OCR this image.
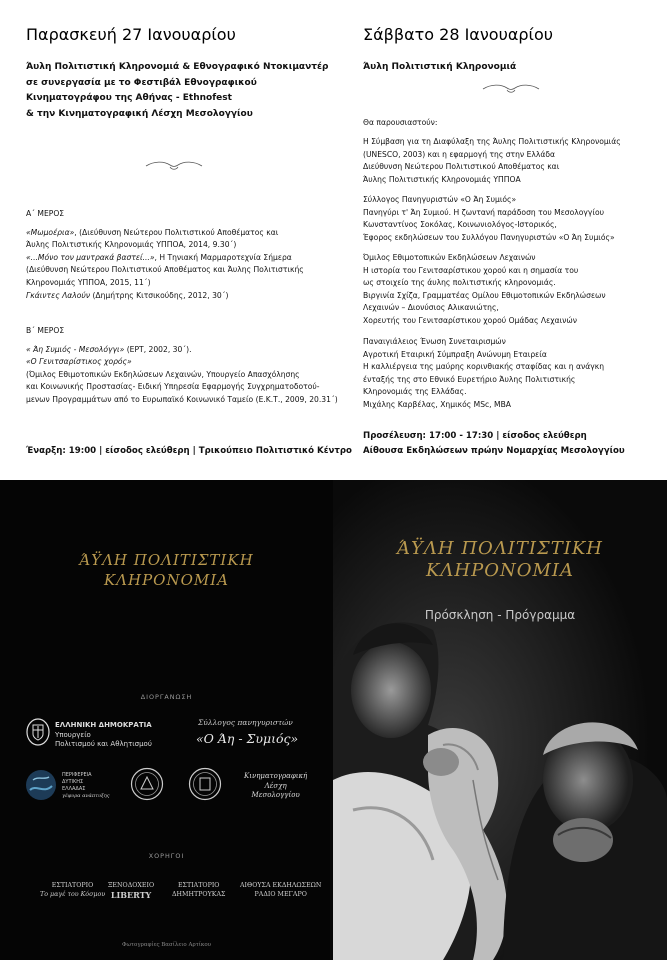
Παρασκευή 27 Ιανουαρίου
Άυλη Πολιτιστική Κληρονομιά & Εθνογραφικό Ντοκιμαντέρ
σε συνεργασία με το Φεστιβάλ Εθνογραφικού
Κινηματογράφου της Αθήνας - Ethnofest
& την Κινηματογραφική Λέσχη Μεσολογγίου
Α΄ ΜΕΡΟΣ
«Μωμοέρια», (Διεύθυνση Νεώτερου Πολιτιστικού Αποθέματος και
Άυλης Πολιτιστικής Κληρονομιάς ΥΠΠΟΑ, 2014, 9.30΄)
«...Μόνο τον μαντρακά βαστεί...», Η Τηνιακή Μαρμαροτεχνία Σήμερα
(Διεύθυνση Νεώτερου Πολιτιστικού Αποθέματος και Άυλης Πολιτιστικής
Κληρονομιάς ΥΠΠΟΑ, 2015, 11΄)
Γκάιντες Λαλούν (Δημήτρης Κιτσικούδης, 2012, 30΄)
Β΄ ΜΕΡΟΣ
« Άη Συμιός - Μεσολόγγι» (ΕΡΤ, 2002, 30΄).
«Ο Γενιτσαρίστικος χορός»
(Όμιλος Εθιμοτοπικών Εκδηλώσεων Λεχαινών, Υπουργείο Απασχόλησης
και Κοινωνικής Προστασίας- Ειδική Υπηρεσία Εφαρμογής Συγχρηματοδοτού-
μενων Προγραμμάτων από το Ευρωπαϊκό Κοινωνικό Ταμείο (Ε.Κ.Τ., 2009, 20.31΄)
Έναρξη: 19:00 | είσοδος ελεύθερη | Τρικούπειο Πολιτιστικό Κέντρο
Σάββατο 28 Ιανουαρίου
Άυλη Πολιτιστική Κληρονομιά
Θα παρουσιαστούν:
Η Σύμβαση για τη Διαφύλαξη της Άυλης Πολιτιστικής Κληρονομιάς
(UNESCO, 2003) και η εφαρμογή της στην Ελλάδα
Διεύθυνση Νεώτερου Πολιτιστικού Αποθέματος και
Άυλης Πολιτιστικής Κληρονομιάς ΥΠΠΟΑ
Σύλλογος Πανηγυριστών «Ο Άη Συμιός»
Πανηγύρι τ' Άη Συμιού. Η ζωντανή παράδοση του Μεσολογγίου
Κωνσταντίνος Σοκόλας, Κοινωνιολόγος-Ιστορικός,
Έφορος εκδηλώσεων του Συλλόγου Πανηγυριστών «Ο Άη Συμιός»
Όμιλος Εθιμοτοπικών Εκδηλώσεων Λεχαινών
Η ιστορία του Γενιτσαρίστικου χορού και η σημασία του
ως στοιχείο της άυλης πολιτιστικής κληρονομιάς.
Βιργινία Σχίζα, Γραμματέας Ομίλου Εθιμοτοπικών Εκδηλώσεων
Λεχαινών – Διονύσιος Αλικανιώτης,
Χορευτής του Γενιτσαρίστικου χορού Ομάδας Λεχαινών
Παναιγιάλειος Ένωση Συνεταιρισμών
Αγροτική Εταιρική Σύμπραξη Ανώνυμη Εταιρεία
Η καλλιέργεια της μαύρης κορινθιακής σταφίδας και η ανάγκη
ένταξής της στο Εθνικό Ευρετήριο Άυλης Πολιτιστικής
Κληρονομιάς της Ελλάδας.
Μιχάλης Καρβέλας, Χημικός MSc, MBA
Προσέλευση: 17:00 - 17:30 | είσοδος ελεύθερη
Αίθουσα Εκδηλώσεων πρώην Νομαρχίας Μεσολογγίου
ΆΫΛΗ ΠΟΛΙΤΙΣΤΙΚΗ
ΚΛΗΡΟΝΟΜΙΑ
ΔΙΟΡΓΑΝΩΣΗ
ΕΛΛΗΝΙΚΗ ΔΗΜΟΚΡΑΤΙΑ
Υπουργείο
Πολιτισμού και Αθλητισμού
Σύλλογος πανηγυριστών
«Ο Άη - Συμιός»
ΠΕΡΙΦΕΡΕΙΑ
ΔΥΤΙΚΗΣ
ΕΛΛΑΔΑΣ
γέφυρα ανάπτυξης
Κινηματογραφική
Λέσχη
Μεσολογγίου
ΧΟΡΗΓΟΙ
ΕΣΤΙΑΤΟΡΙΟ
Το μαγέ του Κόσμου
ΞΕΝΟΔΟΧΕΙΟ
LIBERTY
ΕΣΤΙΑΤΟΡΙΟ
ΔΗΜΗΤΡΟΥΚΑΣ
ΑΙΘΟΥΣΑ ΕΚΔΗΛΩΣΕΩΝ
ΡΑΔΙΟ ΜΕΓΑΡΟ
Φωτογραφίες Βασίλειο Αρτίκου
ΆΫΛΗ ΠΟΛΙΤΙΣΤΙΚΗ
ΚΛΗΡΟΝΟΜΙΑ
Πρόσκληση - Πρόγραμμα
